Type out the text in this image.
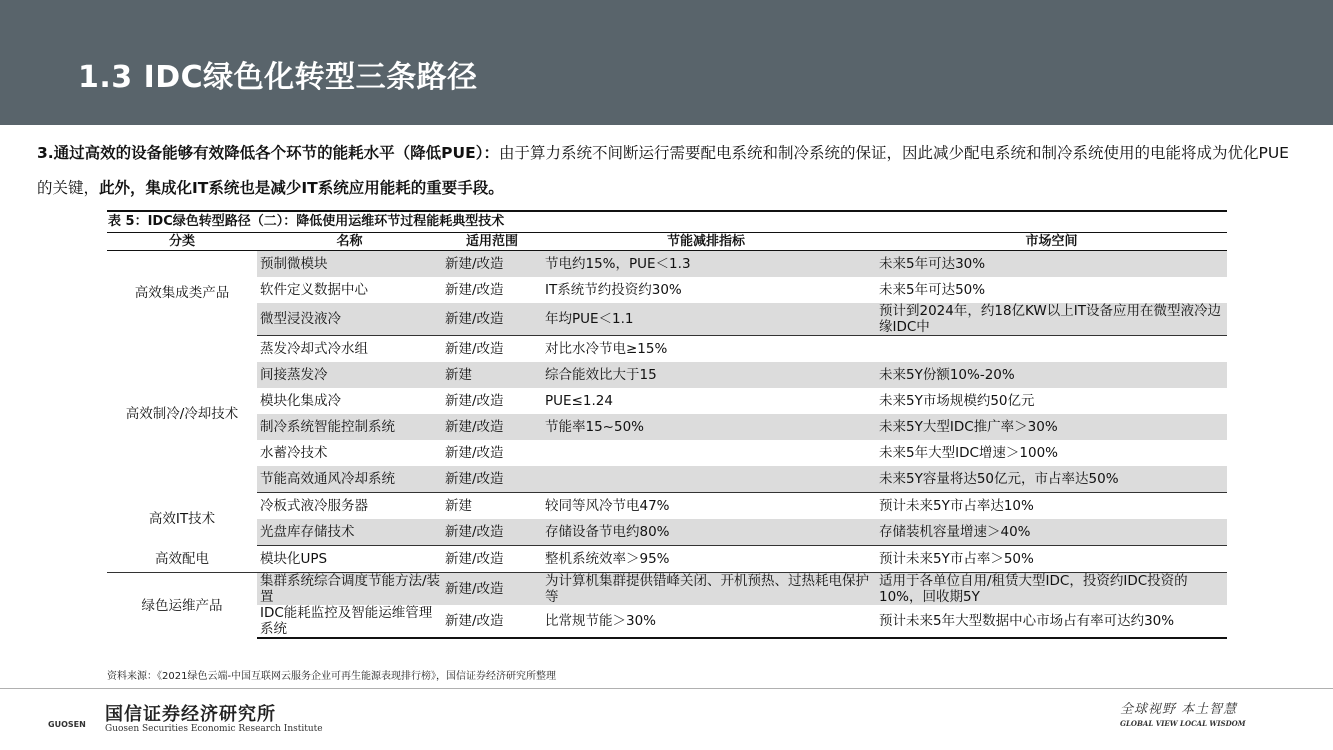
1.3 IDC绿色化转型三条路径
3.通过高效的设备能够有效降低各个环节的能耗水平（降低PUE）：由于算力系统不间断运行需要配电系统和制冷系统的保证，因此减少配电系统和制冷系统使用的电能将成为优化PUE的关键，此外，集成化IT系统也是减少IT系统应用能耗的重要手段。
表 5：IDC绿色转型路径（二）：降低使用运维环节过程能耗典型技术
分类	名称	适用范围	节能减排指标		市场空间
高效集成类产品	预制微模块	新建/改造	节电约15%，PUE＜1.3		未来5年可达30%
	软件定义数据中心	新建/改造	IT系统节约投资约30%		未来5年可达50%
	微型浸没液冷	新建/改造	年均PUE＜1.1		预计到2024年，约18亿KW以上IT设备应用在微型液冷边缘IDC中
高效制冷/冷却技术	蒸发冷却式冷水组	新建/改造	对比水冷节电≥15%		
	间接蒸发冷	新建	综合能效比大于15		未来5Y份额10%-20%
	模块化集成冷	新建/改造	PUE≤1.24		未来5Y市场规模约50亿元
	制冷系统智能控制系统	新建/改造	节能率15~50%		未来5Y大型IDC推广率＞30%
	水蓄冷技术	新建/改造			未来5年大型IDC增速＞100%
	节能高效通风冷却系统	新建/改造			未来5Y容量将达50亿元，市占率达50%
高效IT技术	冷板式液冷服务器	新建	较同等风冷节电47%		预计未来5Y市占率达10%
	光盘库存储技术	新建/改造	存储设备节电约80%		存储装机容量增速＞40%
高效配电	模块化UPS	新建/改造	整机系统效率＞95%		预计未来5Y市占率＞50%
绿色运维产品	集群系统综合调度节能方法/装置	新建/改造	为计算机集群提供错峰关闭、开机预热、过热耗电保护等		适用于各单位自用/租赁大型IDC，投资约IDC投资的10%，回收期5Y
	IDC能耗监控及智能运维管理系统	新建/改造	比常规节能＞30%		预计未来5年大型数据中心市场占有率可达约30%
资料来源：《2021绿色云端-中国互联网云服务企业可再生能源表现排行榜》，国信证券经济研究所整理
GUOSEN 国信证券经济研究所
Guosen Securities Economic Research Institute
全球视野 本土智慧
GLOBAL VIEW LOCAL WISDOM
